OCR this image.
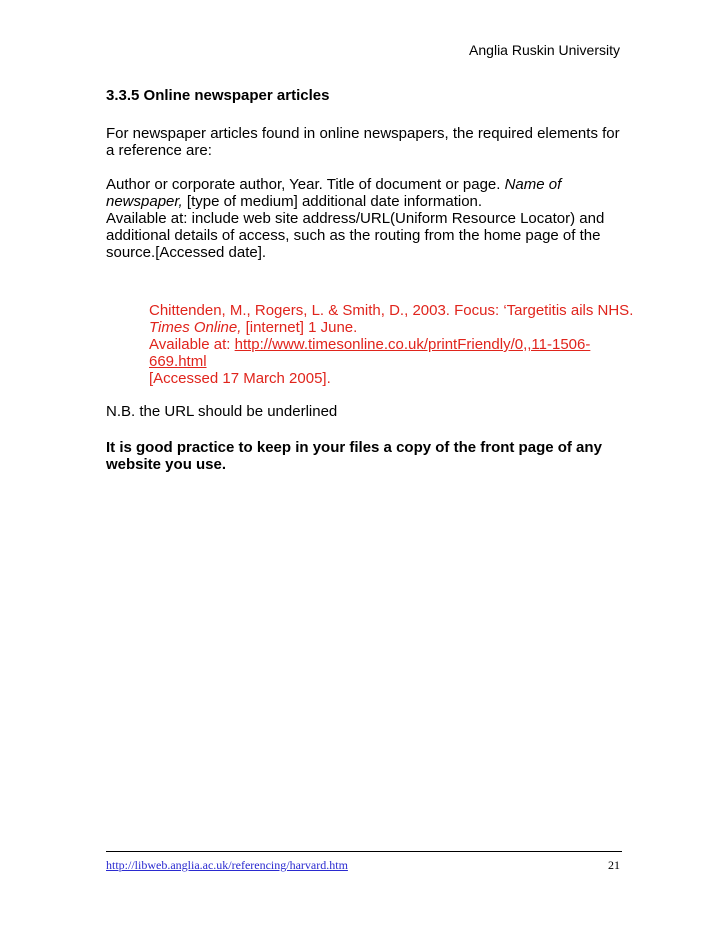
Anglia Ruskin University
3.3.5 Online newspaper articles

For newspaper articles found in online newspapers, the required elements for a reference are:

Author or corporate author, Year. Title of document or page. Name of newspaper, [type of medium] additional date information.
Available at: include web site address/URL(Uniform Resource Locator) and additional details of access, such as the routing from the home page of the source.[Accessed date].
Chittenden, M., Rogers, L. & Smith, D., 2003. Focus: ‘Targetitis ails NHS.
Times Online, [internet] 1 June.
Available at: http://www.timesonline.co.uk/printFriendly/0,,11-1506-
669.html
[Accessed 17 March 2005].

N.B. the URL should be underlined

It is good practice to keep in your files a copy of the front page of any website you use.

http://libweb.anglia.ac.uk/referencing/harvard.htm	21
